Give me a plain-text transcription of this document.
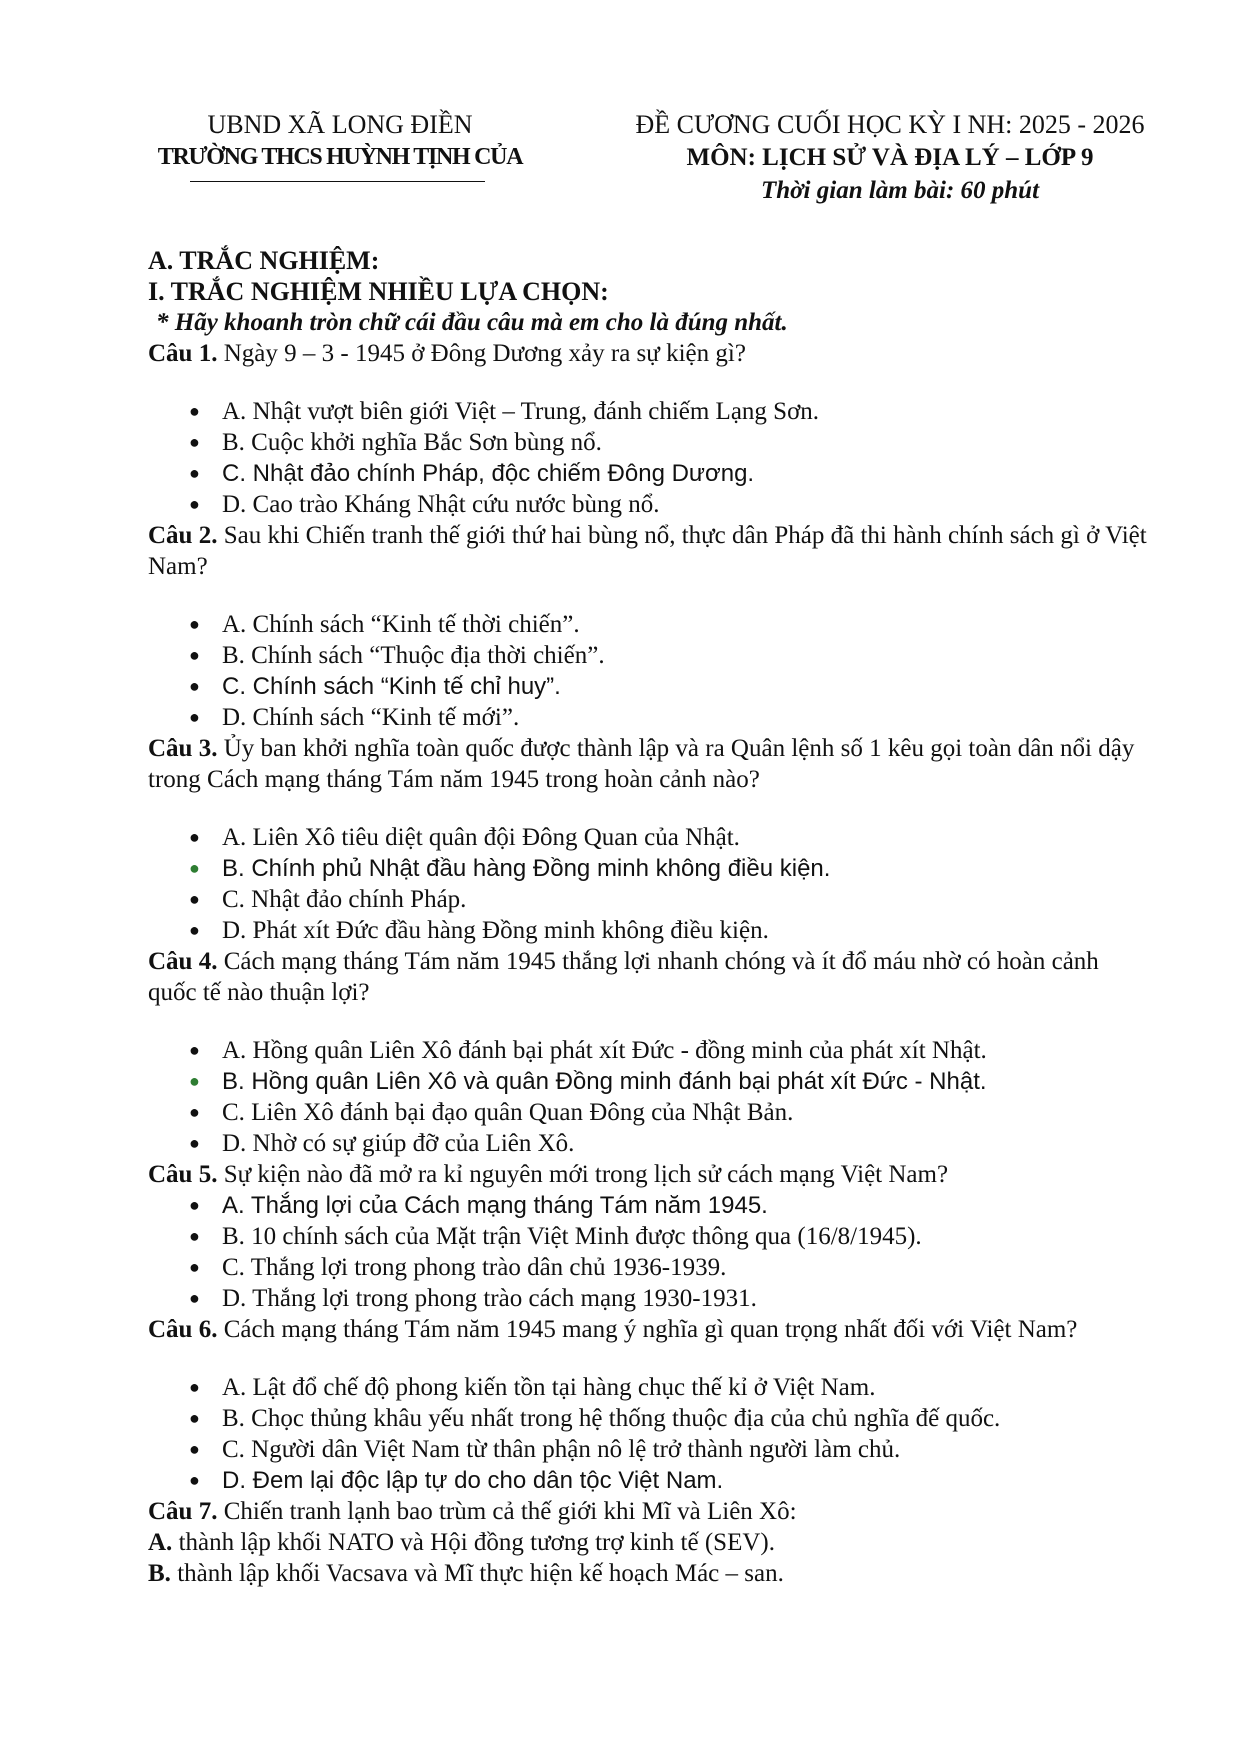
UBND XÃ LONG ĐIỀN
TRƯỜNG THCS HUỲNH TỊNH CỦA
ĐỀ CƯƠNG CUỐI HỌC KỲ I NH: 2025 - 2026
MÔN: LỊCH SỬ VÀ ĐỊA LÝ – LỚP 9
Thời gian làm bài: 60 phút
A. TRẮC NGHIỆM:
I. TRẮC NGHIỆM NHIỀU LỰA CHỌN:
* Hãy khoanh tròn chữ cái đầu câu mà em cho là đúng nhất.
Câu 1. Ngày 9 – 3 - 1945 ở Đông Dương xảy ra sự kiện gì?
● A. Nhật vượt biên giới Việt – Trung, đánh chiếm Lạng Sơn.
● B. Cuộc khởi nghĩa Bắc Sơn bùng nổ.
● C. Nhật đảo chính Pháp, độc chiếm Đông Dương.
● D. Cao trào Kháng Nhật cứu nước bùng nổ.
Câu 2. Sau khi Chiến tranh thế giới thứ hai bùng nổ, thực dân Pháp đã thi hành chính sách gì ở Việt Nam?
● A. Chính sách “Kinh tế thời chiến”.
● B. Chính sách “Thuộc địa thời chiến”.
● C. Chính sách “Kinh tế chỉ huy”.
● D. Chính sách “Kinh tế mới”.
Câu 3. Ủy ban khởi nghĩa toàn quốc được thành lập và ra Quân lệnh số 1 kêu gọi toàn dân nổi dậy trong Cách mạng tháng Tám năm 1945 trong hoàn cảnh nào?
● A. Liên Xô tiêu diệt quân đội Đông Quan của Nhật.
● B. Chính phủ Nhật đầu hàng Đồng minh không điều kiện.
● C. Nhật đảo chính Pháp.
● D. Phát xít Đức đầu hàng Đồng minh không điều kiện.
Câu 4. Cách mạng tháng Tám năm 1945 thắng lợi nhanh chóng và ít đổ máu nhờ có hoàn cảnh quốc tế nào thuận lợi?
● A. Hồng quân Liên Xô đánh bại phát xít Đức - đồng minh của phát xít Nhật.
● B. Hồng quân Liên Xô và quân Đồng minh đánh bại phát xít Đức - Nhật.
● C. Liên Xô đánh bại đạo quân Quan Đông của Nhật Bản.
● D. Nhờ có sự giúp đỡ của Liên Xô.
Câu 5. Sự kiện nào đã mở ra kỉ nguyên mới trong lịch sử cách mạng Việt Nam?
● A. Thắng lợi của Cách mạng tháng Tám năm 1945.
● B. 10 chính sách của Mặt trận Việt Minh được thông qua (16/8/1945).
● C. Thắng lợi trong phong trào dân chủ 1936-1939.
● D. Thắng lợi trong phong trào cách mạng 1930-1931.
Câu 6. Cách mạng tháng Tám năm 1945 mang ý nghĩa gì quan trọng nhất đối với Việt Nam?
● A. Lật đổ chế độ phong kiến tồn tại hàng chục thế kỉ ở Việt Nam.
● B. Chọc thủng khâu yếu nhất trong hệ thống thuộc địa của chủ nghĩa đế quốc.
● C. Người dân Việt Nam từ thân phận nô lệ trở thành người làm chủ.
● D. Đem lại độc lập tự do cho dân tộc Việt Nam.
Câu 7. Chiến tranh lạnh bao trùm cả thế giới khi Mĩ và Liên Xô:
A. thành lập khối NATO và Hội đồng tương trợ kinh tế (SEV).
B. thành lập khối Vacsava và Mĩ thực hiện kế hoạch Mác – san.
